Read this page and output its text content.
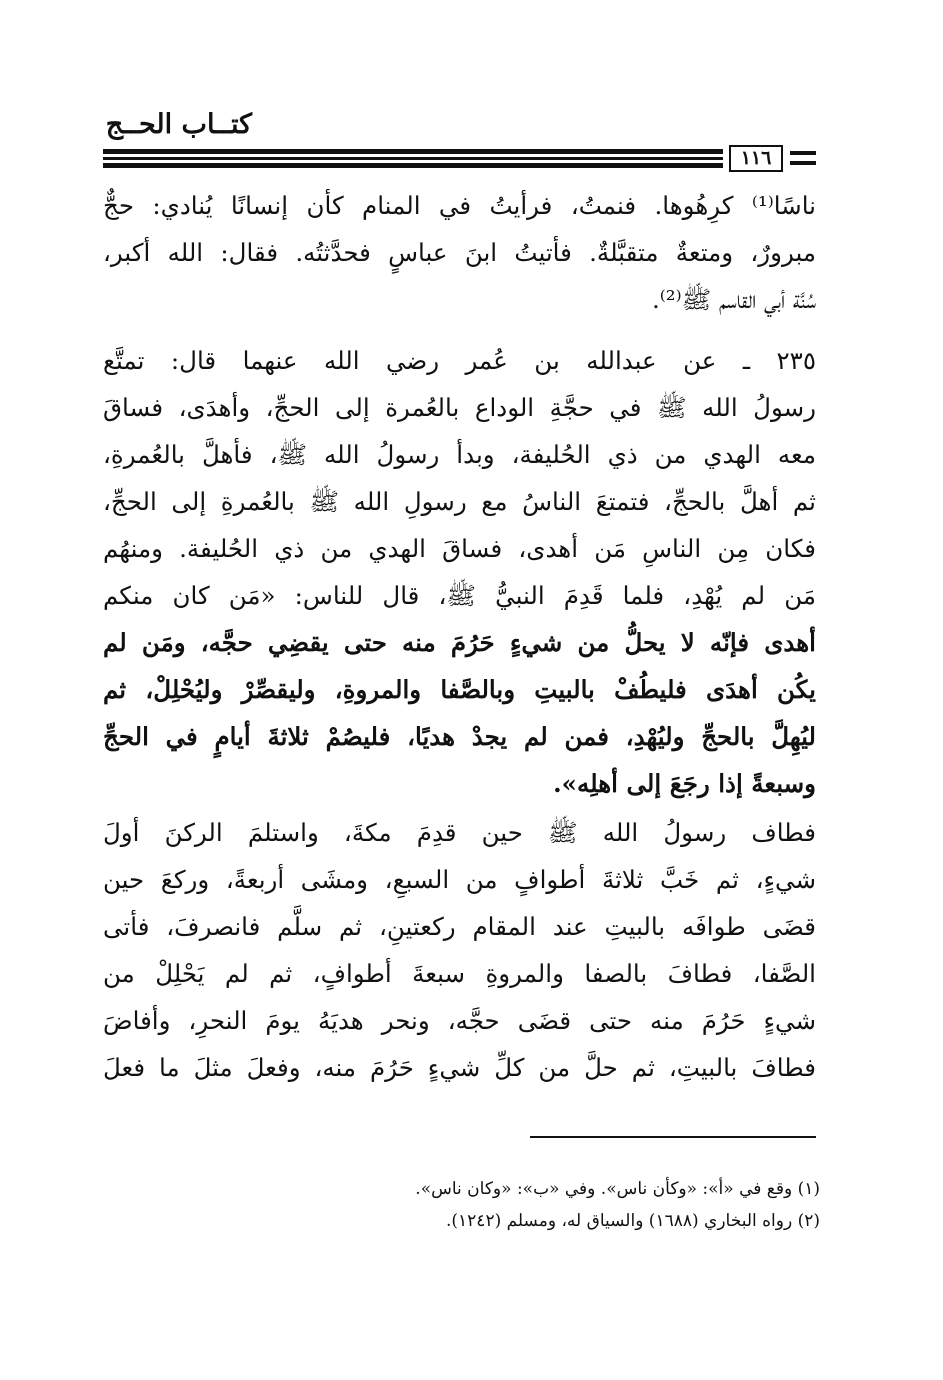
كتــاب الحــج
١١٦
ناسًا⁽¹⁾ كرِهُوها. فنمتُ، فرأيتُ في المنام كأن إنسانًا يُنادي: حجٌّ
مبرورٌ، ومتعةٌ متقبَّلةٌ. فأتيتُ ابنَ عباسٍ فحدَّثتُه. فقال: الله أكبر،
سُنَّة أبي القاسم ﷺ⁽²⁾.
٢٣٥ ـ عن عبدالله بن عُمر رضي الله عنهما قال: تمتَّع
رسولُ الله ﷺ في حجَّةِ الوداع بالعُمرة إلى الحجِّ، وأهدَى، فساقَ
معه الهدي من ذي الحُليفة، وبدأ رسولُ الله ﷺ، فأهلَّ بالعُمرةِ،
ثم أهلَّ بالحجِّ، فتمتعَ الناسُ مع رسولِ الله ﷺ بالعُمرةِ إلى الحجِّ،
فكان مِن الناسِ مَن أهدى، فساقَ الهدي من ذي الحُليفة. ومنهُم
مَن لم يُهْدِ، فلما قَدِمَ النبيُّ ﷺ، قال للناس: «مَن كان منكم
أهدى فإنّه لا يحلُّ من شيءٍ حَرُمَ منه حتى يقضِي حجَّه، ومَن لم
يكُن أهدَى فليطُفْ بالبيتِ وبالصَّفا والمروةِ، وليقصِّرْ وليُحْلِلْ، ثم
ليُهِلَّ بالحجِّ وليُهْدِ، فمن لم يجدْ هديًا، فليصُمْ ثلاثةَ أيامٍ في الحجِّ
وسبعةً إذا رجَعَ إلى أهلِه».
فطاف رسولُ الله ﷺ حين قدِمَ مكةَ، واستلمَ الركنَ أولَ
شيءٍ، ثم خَبَّ ثلاثةَ أطوافٍ من السبعِ، ومشَى أربعةً، وركعَ حين
قضَى طوافَه بالبيتِ عند المقام ركعتينِ، ثم سلَّم فانصرفَ، فأتى
الصَّفا، فطافَ بالصفا والمروةِ سبعةَ أطوافٍ، ثم لم يَحْلِلْ من
شيءٍ حَرُمَ منه حتى قضَى حجَّه، ونحر هديَهُ يومَ النحرِ، وأفاضَ
فطافَ بالبيتِ، ثم حلَّ من كلِّ شيءٍ حَرُمَ منه، وفعلَ مثلَ ما فعلَ
(١) وقع في «أ»: «وكأن ناس». وفي «ب»: «وكان ناس».
(٢) رواه البخاري (١٦٨٨) والسياق له، ومسلم (١٢٤٢).
